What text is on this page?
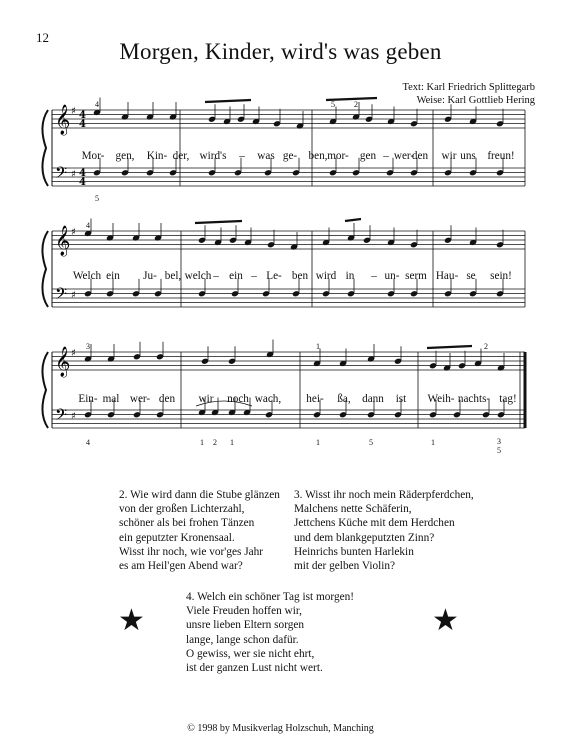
12
Morgen, Kinder, wird's was geben
Text: Karl Friedrich Splittegarb
Weise: Karl Gottlieb Hering
𝄞
𝄢
♯
♯
4
4
4
4
Mor- gen, Kin- der, wird's – was ge- ben, mor- gen – wer-
den wir uns freun!
4	5 2
5
𝄞
𝄢
♯
♯
Welch ein Ju- bel, welch – ein – Le- ben wird in – un- serm Hau- se sein!
4
𝄞
𝄢
♯
♯
Ein- mal wer- den wir noch wach, hei- ßa, dann ist Weih- nachts- tag!
3	1	2
4	1 2 1	1	5	1	3
5
2. Wie wird dann die Stube glänzen
von der großen Lichterzahl,
schöner als bei frohen Tänzen
ein geputzter Kronensaal.
Wisst ihr noch, wie vor'ges Jahr
es am Heil'gen Abend war?
3. Wisst ihr noch mein Räderpferdchen,
Malchens nette Schäferin,
Jettchens Küche mit dem Herdchen
und dem blankgeputzten Zinn?
Heinrichs bunten Harlekin
mit der gelben Violin?
4. Welch ein schöner Tag ist morgen!
Viele Freuden hoffen wir,
unsre lieben Eltern sorgen
lange, lange schon dafür.
O gewiss, wer sie nicht ehrt,
ist der ganzen Lust nicht wert.
★	★
© 1998 by Musikverlag Holzschuh, Manching
